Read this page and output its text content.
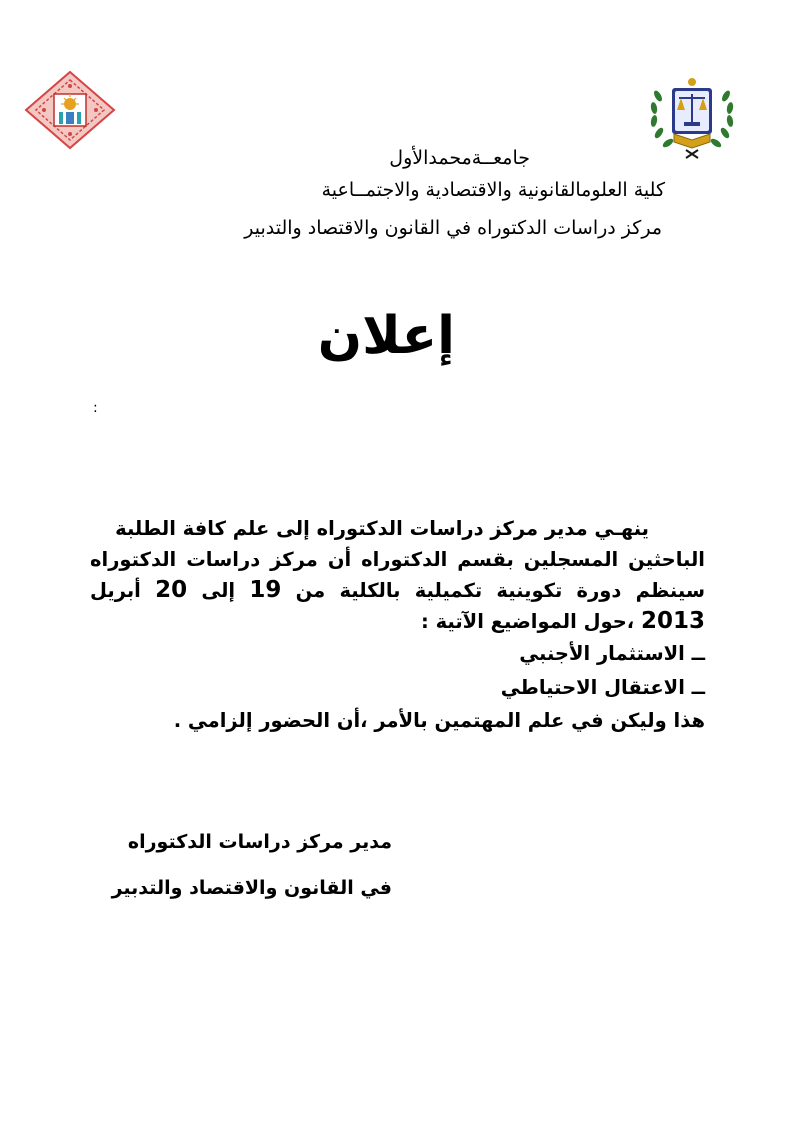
جامعــةمحمدالأول
كلية العلومالقانونية والاقتصادية والاجتمــاعية
مركز دراسات الدكتوراه في القانون والاقتصاد والتدبير
إعلان
:
ينهـي مدير مركز دراسات الدكتوراه إلى علم كافة الطلبة
الباحثين المسجلين بقسم الدكتوراه أن مركز دراسات الدكتوراه
سينظم دورة تكوينية تكميلية بالكلية من 19 إلى 20 أبريل
2013 ،حول المواضيع الآتية :
ــ الاستثمار الأجنبي
ــ الاعتقال الاحتياطي
هذا وليكن في علم المهتمين بالأمر ،أن الحضور إلزامي .
مدير مركز دراسات الدكتوراه
في القانون والاقتصاد والتدبير
